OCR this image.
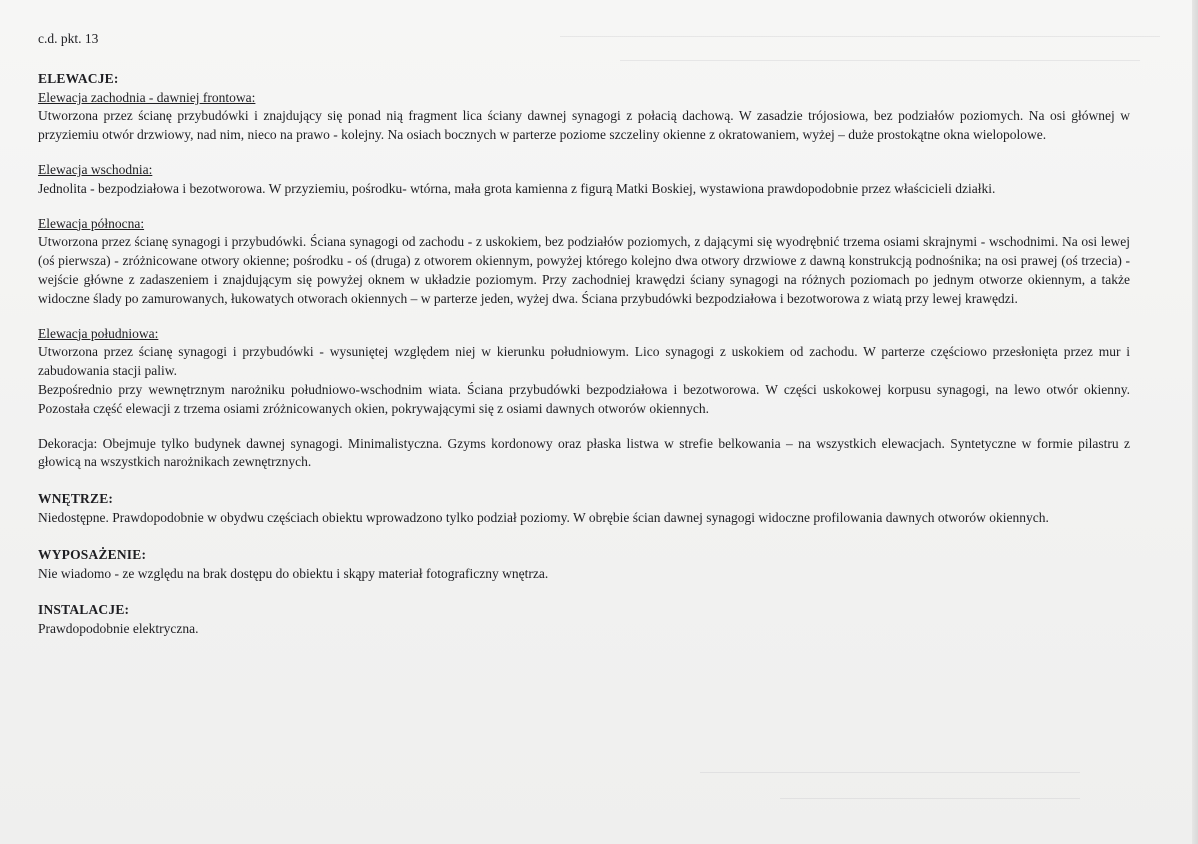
c.d. pkt. 13

ELEWACJE:

Elewacja zachodnia - dawniej frontowa:

Utworzona przez ścianę przybudówki i znajdujący się ponad nią fragment lica ściany dawnej synagogi z połacią dachową. W zasadzie trójosiowa, bez podziałów poziomych. Na osi głównej w przyziemiu otwór drzwiowy, nad nim, nieco na prawo - kolejny. Na osiach bocznych w parterze poziome szczeliny okienne z okratowaniem, wyżej – duże prostokątne okna wielopolowe.

Elewacja wschodnia:

Jednolita - bezpodziałowa i bezotworowa. W przyziemiu, pośrodku- wtórna, mała grota kamienna z figurą Matki Boskiej, wystawiona prawdopodobnie przez właścicieli działki.

Elewacja północna:

Utworzona przez ścianę synagogi i przybudówki. Ściana synagogi od zachodu - z uskokiem, bez podziałów poziomych, z dającymi się wyodrębnić trzema osiami skrajnymi - wschodnimi. Na osi lewej (oś pierwsza) - zróżnicowane otwory okienne; pośrodku - oś (druga) z otworem okiennym, powyżej którego kolejno dwa otwory drzwiowe z dawną konstrukcją podnośnika; na osi prawej (oś trzecia) - wejście główne z zadaszeniem i znajdującym się powyżej oknem w układzie poziomym. Przy zachodniej krawędzi ściany synagogi na różnych poziomach po jednym otworze okiennym, a także widoczne ślady po zamurowanych, łukowatych otworach okiennych – w parterze jeden, wyżej dwa. Ściana przybudówki bezpodziałowa i bezotworowa z wiatą przy lewej krawędzi.

Elewacja południowa:

Utworzona przez ścianę synagogi i przybudówki - wysuniętej względem niej w kierunku południowym. Lico synagogi z uskokiem od zachodu. W parterze częściowo przesłonięta przez mur i zabudowania stacji paliw.

Bezpośrednio przy wewnętrznym narożniku południowo-wschodnim wiata. Ściana przybudówki bezpodziałowa i bezotworowa. W części uskokowej korpusu synagogi, na lewo otwór okienny. Pozostała część elewacji z trzema osiami zróżnicowanych okien, pokrywającymi się z osiami dawnych otworów okiennych.

Dekoracja: Obejmuje tylko budynek dawnej synagogi. Minimalistyczna. Gzyms kordonowy oraz płaska listwa w strefie belkowania – na wszystkich elewacjach. Syntetyczne w formie pilastru z głowicą na wszystkich narożnikach zewnętrznych.

WNĘTRZE:

Niedostępne. Prawdopodobnie w obydwu częściach obiektu wprowadzono tylko podział poziomy. W obrębie ścian dawnej synagogi widoczne profilowania dawnych otworów okiennych.

WYPOSAŻENIE:

Nie wiadomo - ze względu na brak dostępu do obiektu i skąpy materiał fotograficzny wnętrza.

INSTALACJE:

Prawdopodobnie elektryczna.
